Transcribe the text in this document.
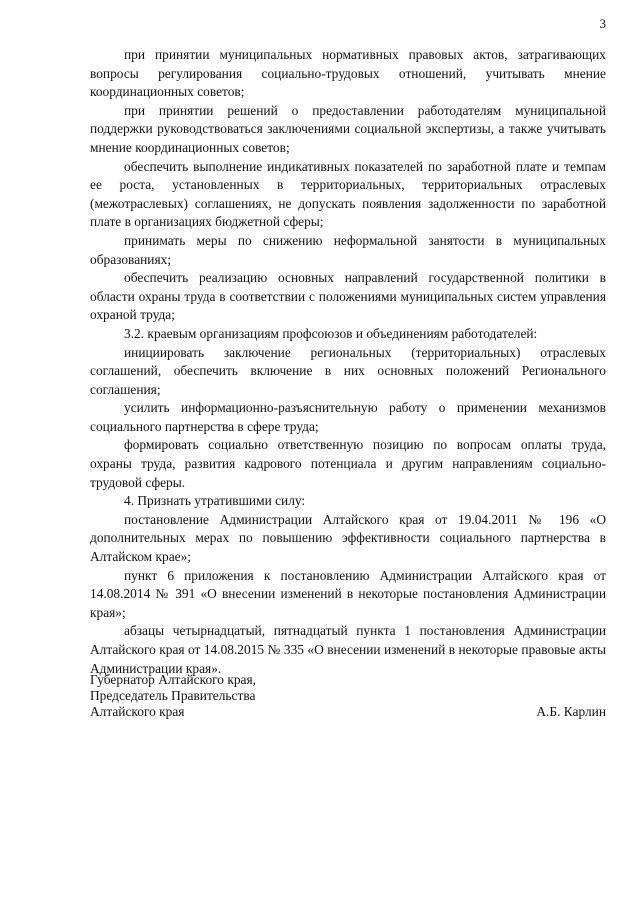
3

при принятии муниципальных нормативных правовых актов, затрагивающих вопросы регулирования социально-трудовых отношений, учитывать мнение координационных советов;

при принятии решений о предоставлении работодателям муниципальной поддержки руководствоваться заключениями социальной экспертизы, а также учитывать мнение координационных советов;

обеспечить выполнение индикативных показателей по заработной плате и темпам ее роста, установленных в территориальных, территориальных отраслевых (межотраслевых) соглашениях, не допускать появления задолженности по заработной плате в организациях бюджетной сферы;

принимать меры по снижению неформальной занятости в муниципальных образованиях;

обеспечить реализацию основных направлений государственной политики в области охраны труда в соответствии с положениями муниципальных систем управления охраной труда;

3.2. краевым организациям профсоюзов и объединениям работодателей:

инициировать заключение региональных (территориальных) отраслевых соглашений, обеспечить включение в них основных положений Регионального соглашения;

усилить информационно-разъяснительную работу о применении механизмов социального партнерства в сфере труда;

формировать социально ответственную позицию по вопросам оплаты труда, охраны труда, развития кадрового потенциала и другим направлениям социально-трудовой сферы.

4. Признать утратившими силу:

постановление Администрации Алтайского края от 19.04.2011 № 196 «О дополнительных мерах по повышению эффективности социального партнерства в Алтайском крае»;

пункт 6 приложения к постановлению Администрации Алтайского края от 14.08.2014 № 391 «О внесении изменений в некоторые постановления Администрации края»;

абзацы четырнадцатый, пятнадцатый пункта 1 постановления Администрации Алтайского края от 14.08.2015 № 335 «О внесении изменений в некоторые правовые акты Администрации края».

Губернатор Алтайского края,
Председатель Правительства
Алтайского края	А.Б. Карлин
